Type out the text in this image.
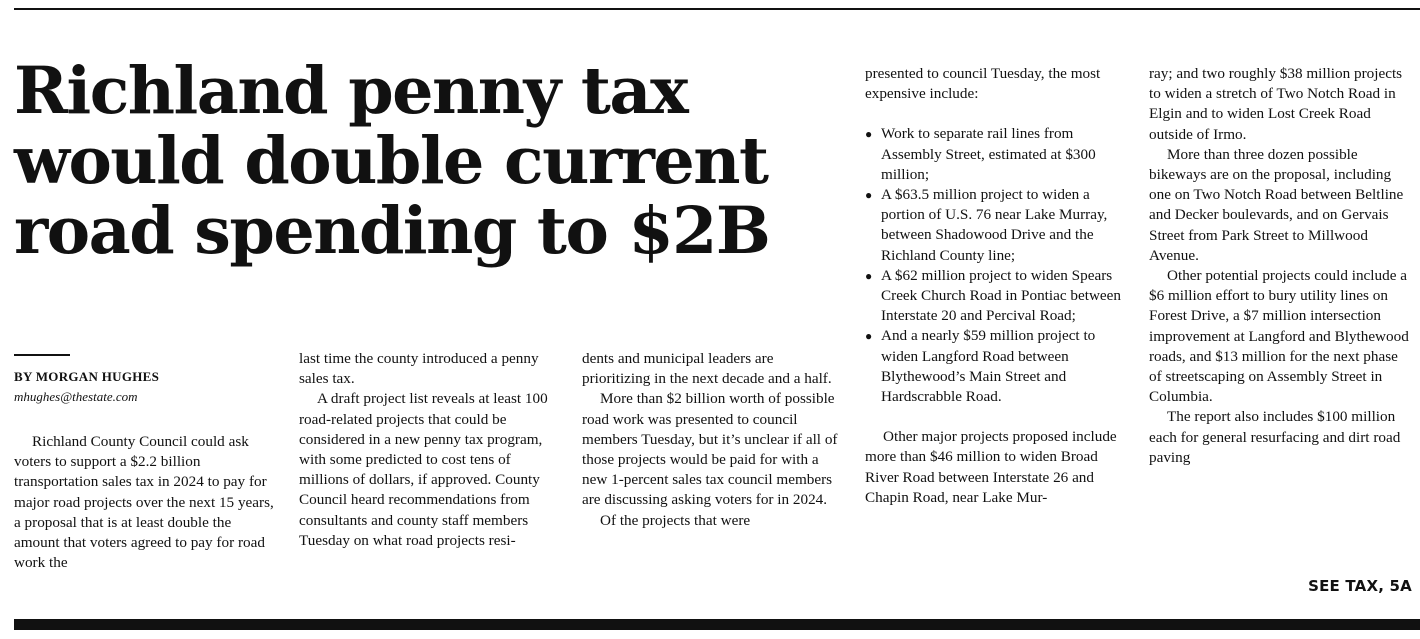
Richland penny tax would double current road spending to $2B
BY MORGAN HUGHES
mhughes@thestate.com

Richland County Council could ask voters to support a $2.2 billion transportation sales tax in 2024 to pay for major road projects over the next 15 years, a proposal that is at least double the amount that voters agreed to pay for road work the

last time the county introduced a penny sales tax.

A draft project list reveals at least 100 road-related projects that could be considered in a new penny tax program, with some predicted to cost tens of millions of dollars, if approved. County Council heard recommendations from consultants and county staff members Tuesday on what road projects resi-

dents and municipal leaders are prioritizing in the next decade and a half.

More than $2 billion worth of possible road work was presented to council members Tuesday, but it’s unclear if all of those projects would be paid for with a new 1-percent sales tax council members are discussing asking voters for in 2024.

Of the projects that were

presented to council Tuesday, the most expensive include:

● Work to separate rail lines from Assembly Street, estimated at $300 million;
● A $63.5 million project to widen a portion of U.S. 76 near Lake Murray, between Shadowood Drive and the Richland County line;
● A $62 million project to widen Spears Creek Church Road in Pontiac between Interstate 20 and Percival Road;
● And a nearly $59 million project to widen Langford Road between Blythewood’s Main Street and Hardscrabble Road.

Other major projects proposed include more than $46 million to widen Broad River Road between Interstate 26 and Chapin Road, near Lake Mur-

ray; and two roughly $38 million projects to widen a stretch of Two Notch Road in Elgin and to widen Lost Creek Road outside of Irmo.

More than three dozen possible bikeways are on the proposal, including one on Two Notch Road between Beltline and Decker boulevards, and on Gervais Street from Park Street to Millwood Avenue.

Other potential projects could include a $6 million effort to bury utility lines on Forest Drive, a $7 million intersection improvement at Langford and Blythewood roads, and $13 million for the next phase of streetscaping on Assembly Street in Columbia.

The report also includes $100 million each for general resurfacing and dirt road paving

SEE TAX, 5A
